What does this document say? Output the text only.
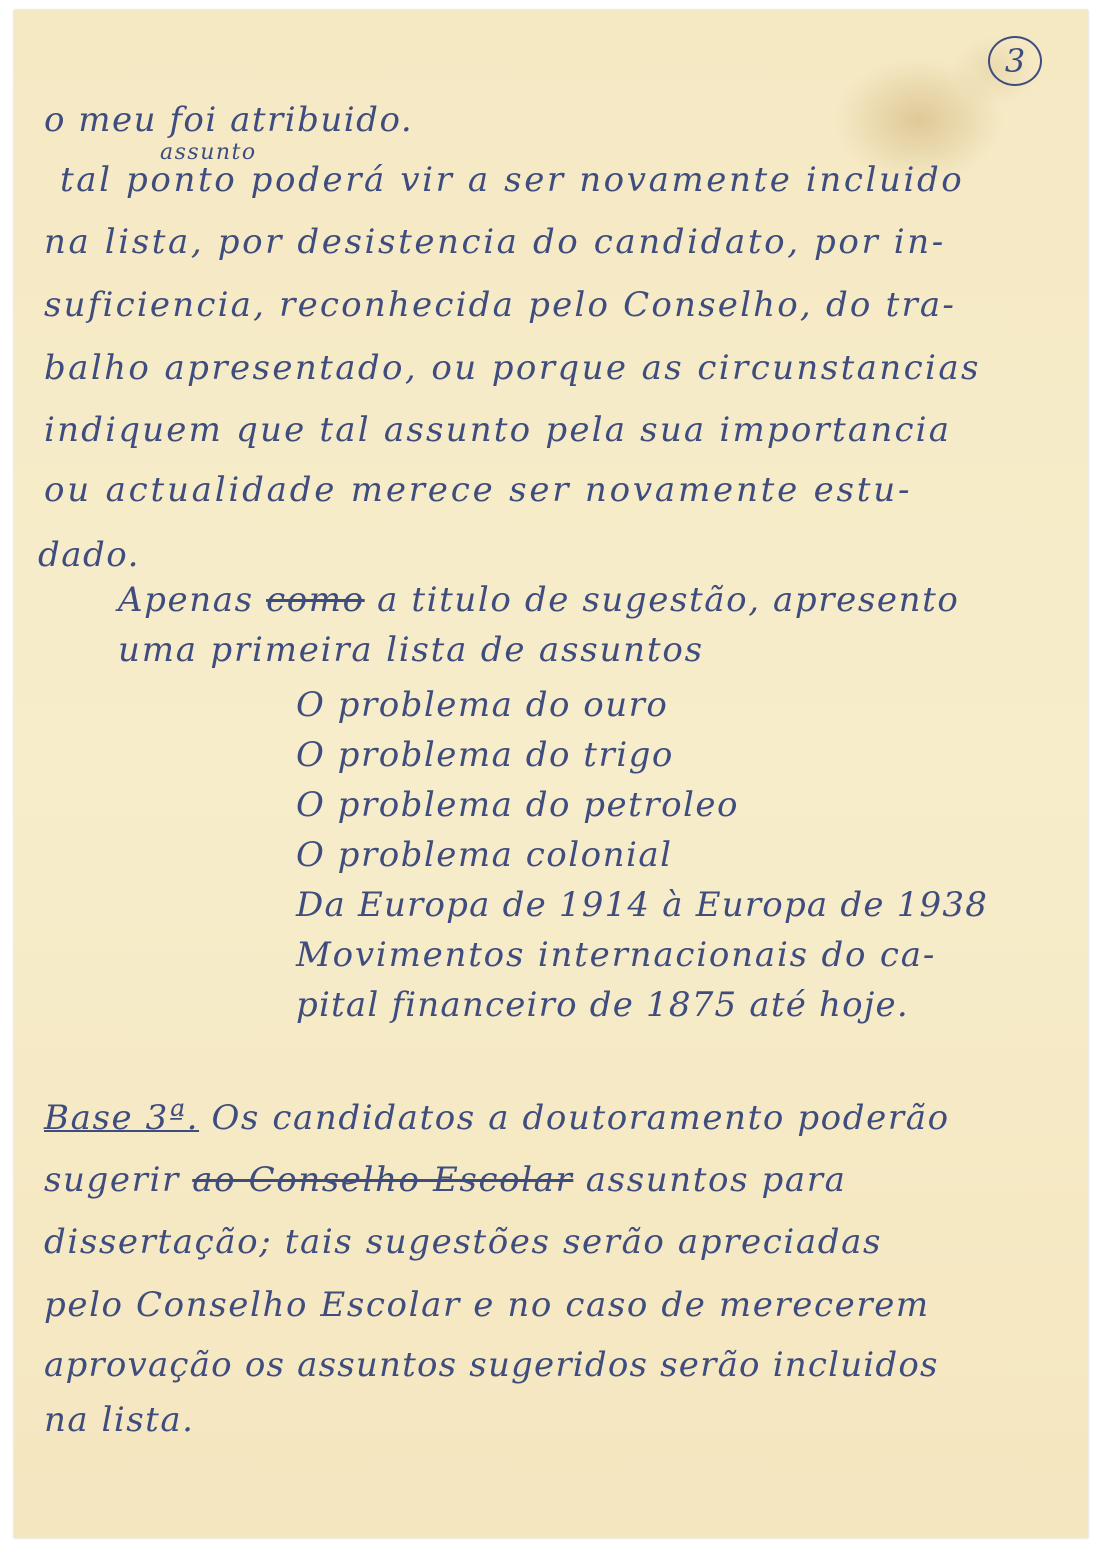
3
assunto
o meu foi atribuido.
tal ponto poderá vir a ser novamente incluido
na lista, por desistencia do candidato, por in-
suficiencia, reconhecida pelo Conselho, do tra-
balho apresentado, ou porque as circunstancias
indiquem que tal assunto pela sua importancia
ou actualidade merece ser novamente estu-
dado.
Apenas como a titulo de sugestão, apresento
uma primeira lista de assuntos
O problema do ouro
O problema do trigo
O problema do petroleo
O problema colonial
Da Europa de 1914 à Europa de 1938
Movimentos internacionais do ca-
pital financeiro de 1875 até hoje.
Base 3ª. Os candidatos a doutoramento poderão
sugerir ao Conselho Escolar assuntos para
dissertação; tais sugestões serão apreciadas
pelo Conselho Escolar e no caso de merecerem
aprovação os assuntos sugeridos serão incluidos
na lista.
